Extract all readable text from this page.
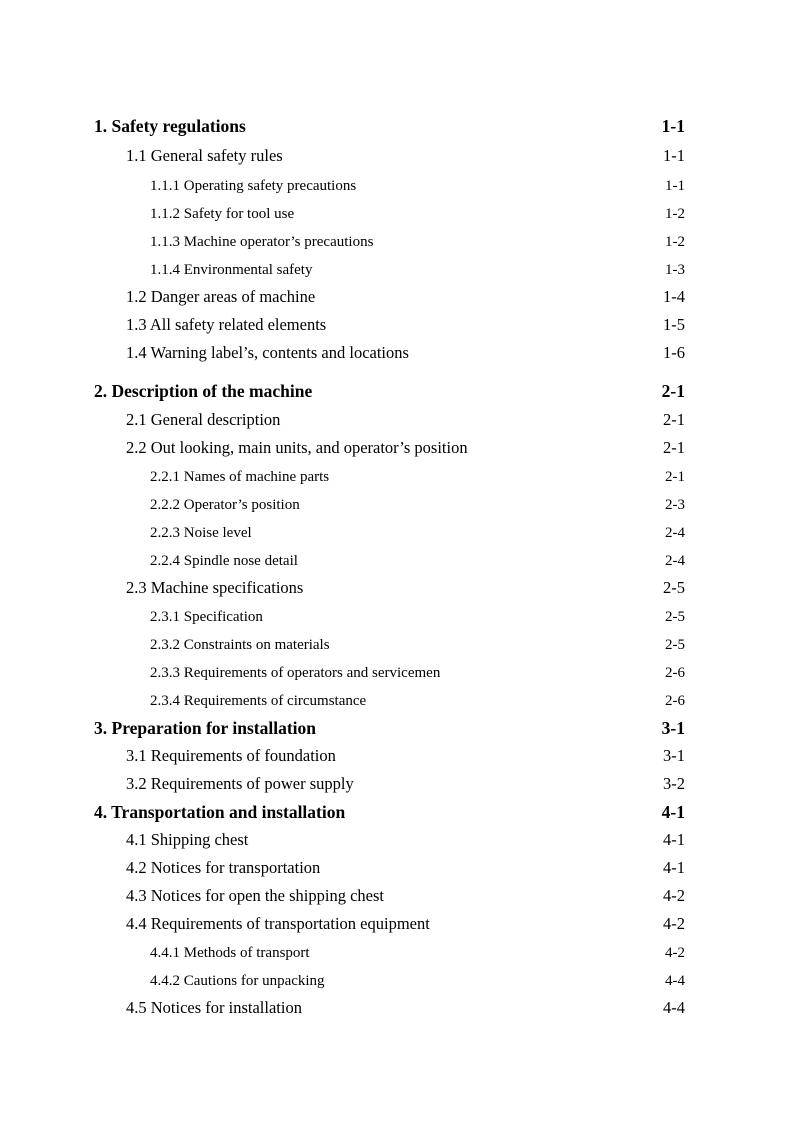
1. Safety regulations	1-1
1.1 General safety rules	1-1
1.1.1 Operating safety precautions	1-1
1.1.2 Safety for tool use	1-2
1.1.3 Machine operator’s precautions	1-2
1.1.4 Environmental safety	1-3
1.2 Danger areas of machine	1-4
1.3 All safety related elements	1-5
1.4 Warning label’s, contents and locations	1-6
2. Description of the machine	2-1
2.1 General description	2-1
2.2 Out looking, main units, and operator’s position	2-1
2.2.1 Names of machine parts	2-1
2.2.2 Operator’s position	2-3
2.2.3 Noise level	2-4
2.2.4 Spindle nose detail	2-4
2.3 Machine specifications	2-5
2.3.1 Specification	2-5
2.3.2 Constraints on materials	2-5
2.3.3 Requirements of operators and servicemen	2-6
2.3.4 Requirements of circumstance	2-6
3. Preparation for installation	3-1
3.1 Requirements of foundation	3-1
3.2 Requirements of power supply	3-2
4. Transportation and installation	4-1
4.1 Shipping chest	4-1
4.2 Notices for transportation	4-1
4.3 Notices for open the shipping chest	4-2
4.4 Requirements of transportation equipment	4-2
4.4.1 Methods of transport	4-2
4.4.2 Cautions for unpacking	4-4
4.5 Notices for installation	4-4
